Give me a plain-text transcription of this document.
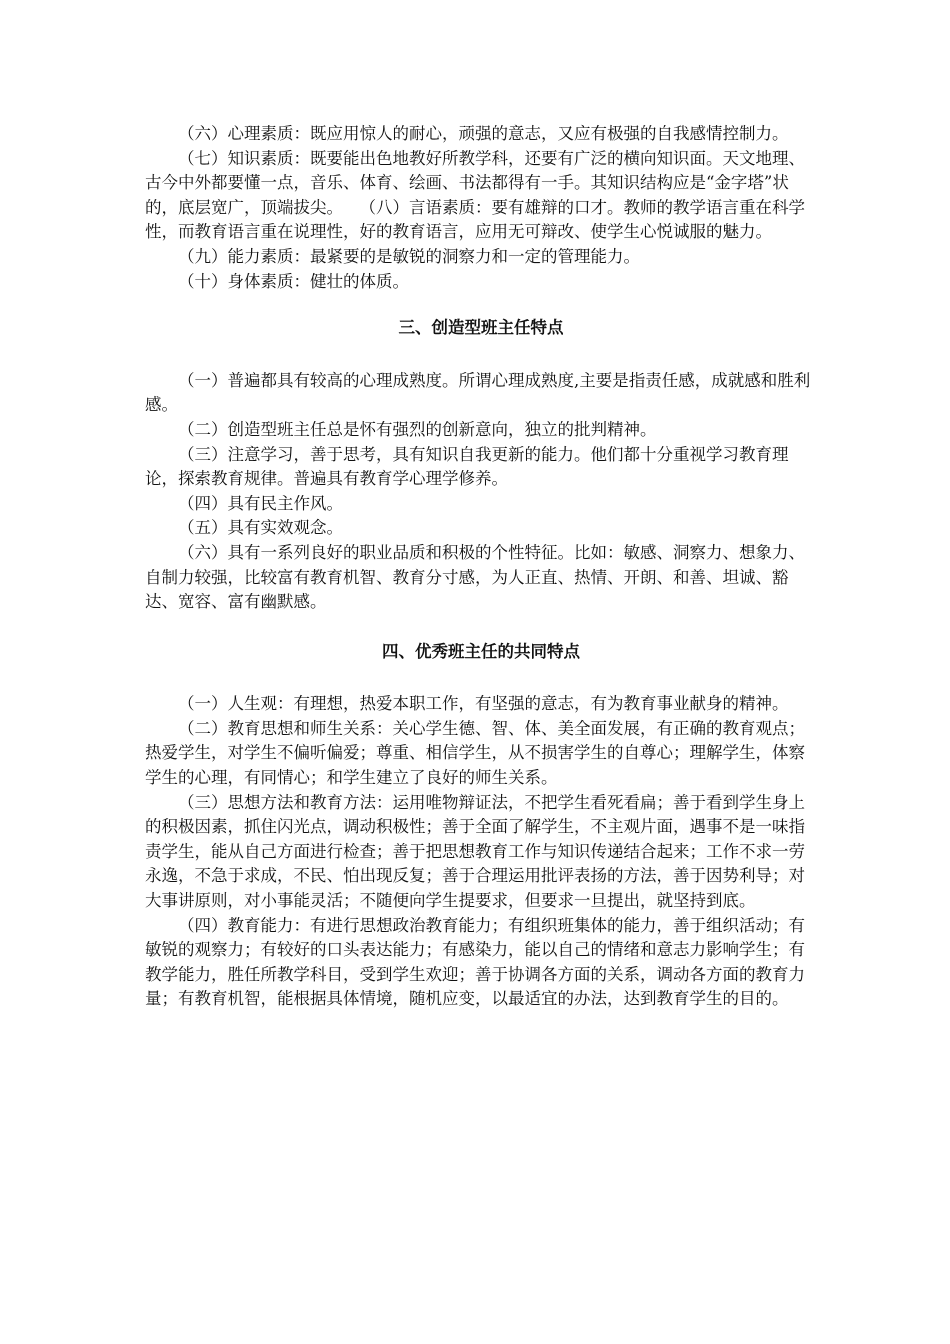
（六）心理素质：既应用惊人的耐心，顽强的意志，又应有极强的自我感情控制力。

（七）知识素质：既要能出色地教好所教学科，还要有广泛的横向知识面。天文地理、古今中外都要懂一点，音乐、体育、绘画、书法都得有一手。其知识结构应是“金字塔”状的，底层宽广，顶端拔尖。　　（八）言语素质：要有雄辩的口才。教师的教学语言重在科学性，而教育语言重在说理性，好的教育语言，应用无可辩改、使学生心悦诚服的魅力。

（九）能力素质：最紧要的是敏锐的洞察力和一定的管理能力。

（十）身体素质：健壮的体质。

三、创造型班主任特点

（一）普遍都具有较高的心理成熟度。所谓心理成熟度,主要是指责任感，成就感和胜利感。

（二）创造型班主任总是怀有强烈的创新意向，独立的批判精神。

（三）注意学习，善于思考，具有知识自我更新的能力。他们都十分重视学习教育理论，探索教育规律。普遍具有教育学心理学修养。

（四）具有民主作风。

（五）具有实效观念。

（六）具有一系列良好的职业品质和积极的个性特征。比如：敏感、洞察力、想象力、自制力较强，比较富有教育机智、教育分寸感，为人正直、热情、开朗、和善、坦诚、豁达、宽容、富有幽默感。

四、优秀班主任的共同特点

（一）人生观：有理想，热爱本职工作，有坚强的意志，有为教育事业献身的精神。

（二）教育思想和师生关系：关心学生德、智、体、美全面发展，有正确的教育观点；热爱学生，对学生不偏听偏爱；尊重、相信学生，从不损害学生的自尊心；理解学生，体察学生的心理，有同情心；和学生建立了良好的师生关系。

（三）思想方法和教育方法：运用唯物辩证法，不把学生看死看扁；善于看到学生身上的积极因素，抓住闪光点，调动积极性；善于全面了解学生，不主观片面，遇事不是一味指责学生，能从自己方面进行检查；善于把思想教育工作与知识传递结合起来；工作不求一劳永逸，不急于求成，不民、怕出现反复；善于合理运用批评表扬的方法，善于因势利导；对大事讲原则，对小事能灵活；不随便向学生提要求，但要求一旦提出，就坚持到底。

（四）教育能力：有进行思想政治教育能力；有组织班集体的能力，善于组织活动；有敏锐的观察力；有较好的口头表达能力；有感染力，能以自己的情绪和意志力影响学生；有教学能力，胜任所教学科目，受到学生欢迎；善于协调各方面的关系，调动各方面的教育力量；有教育机智，能根据具体情境，随机应变，以最适宜的办法，达到教育学生的目的。
